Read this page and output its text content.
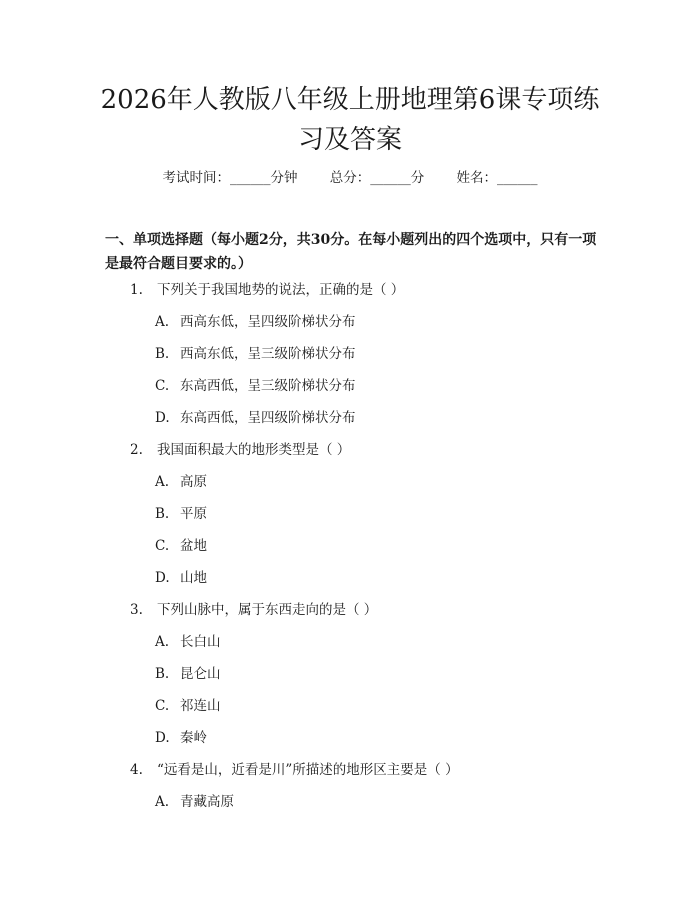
2026年人教版八年级上册地理第6课专项练习及答案
考试时间：______分钟 总分：______分 姓名：______
一、单项选择题（每小题2分，共30分。在每小题列出的四个选项中，只有一项是最符合题目要求的。）
1. 下列关于我国地势的说法，正确的是（ ）
A. 西高东低，呈四级阶梯状分布
B. 西高东低，呈三级阶梯状分布
C. 东高西低，呈三级阶梯状分布
D. 东高西低，呈四级阶梯状分布
2. 我国面积最大的地形类型是（ ）
A. 高原
B. 平原
C. 盆地
D. 山地
3. 下列山脉中，属于东西走向的是（ ）
A. 长白山
B. 昆仑山
C. 祁连山
D. 秦岭
4. “远看是山，近看是川”所描述的地形区主要是（ ）
A. 青藏高原
